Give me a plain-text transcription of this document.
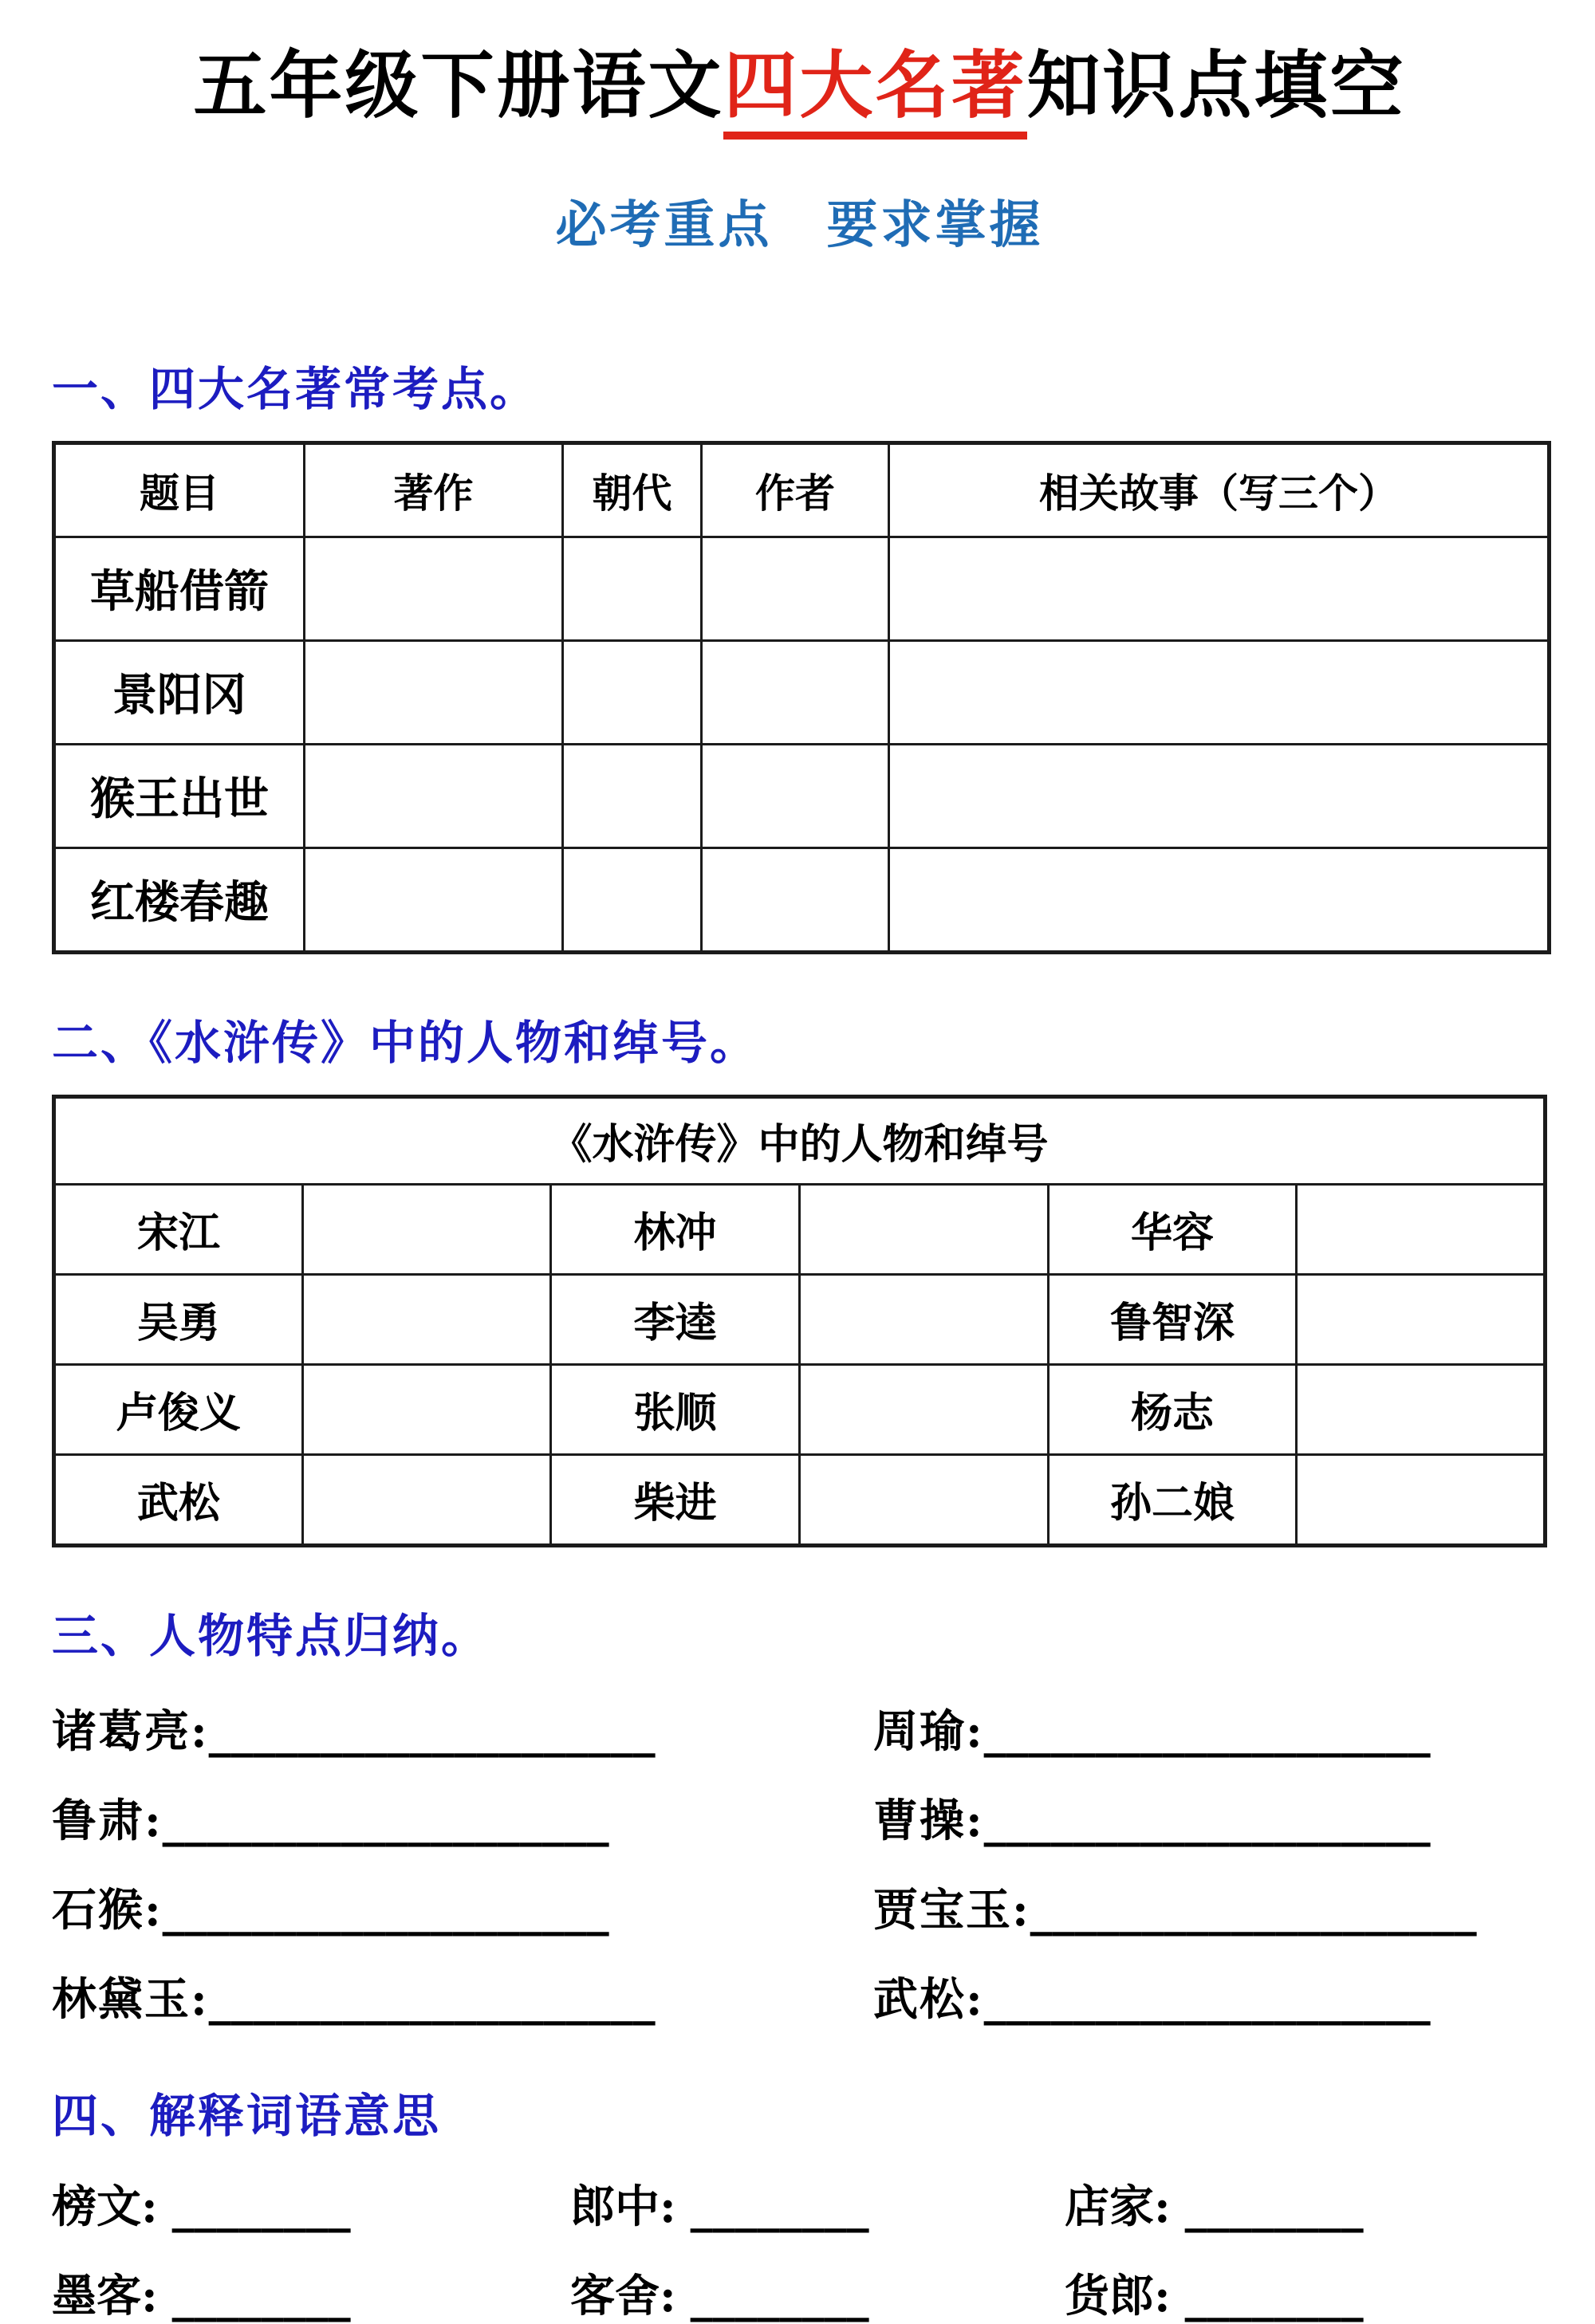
五年级下册语文四大名著知识点填空
必考重点　要求掌握
一、四大名著常考点。
题目	著作	朝代	作者	相关故事（写三个）
草船借箭				
景阳冈				
猴王出世				
红楼春趣				
二、《水浒传》中的人物和绰号。
《水浒传》中的人物和绰号					
宋江		林冲		华容	
吴勇		李逵		鲁智深	
卢俊义		张顺		杨志	
武松		柴进		孙二娘	
三、人物特点归纳。
诸葛亮:____________________	周瑜:____________________
鲁肃:____________________	曹操:____________________
石猴:____________________	贾宝玉:____________________
林黛玉:____________________	武松:____________________
四、解释词语意思
榜文: ________	郎中: ________	店家: ________
墨客: ________	客舍: ________	货郎: ________
